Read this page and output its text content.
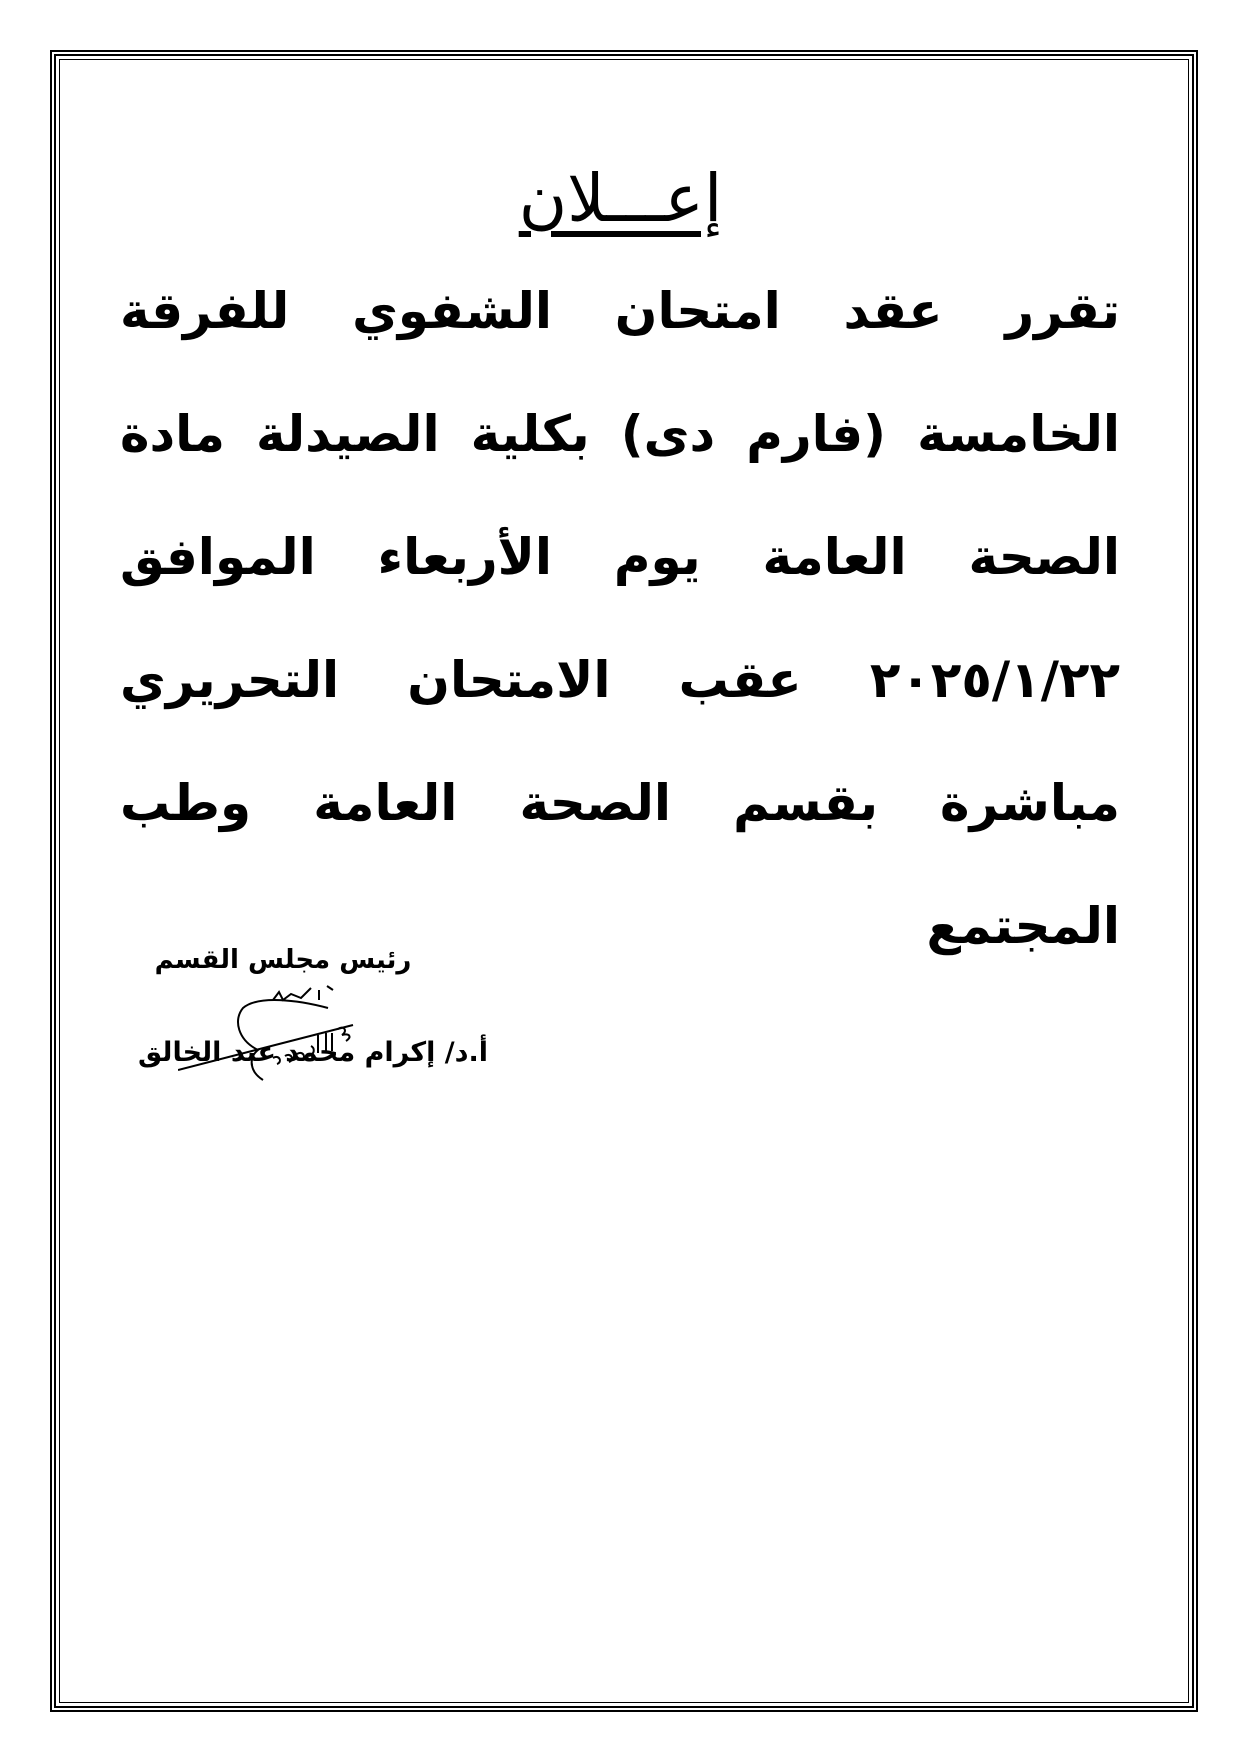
إعـــلان
تقرر عقد امتحان الشفوي للفرقة
الخامسة (فارم دى) بكلية الصيدلة مادة
الصحة العامة يوم الأربعاء الموافق
٢٠٢٥/١/٢٢ عقب الامتحان التحريري
مباشرة بقسم الصحة العامة وطب المجتمع
رئيس مجلس القسم
أ.د/ إكرام محمد عبد الخالق
